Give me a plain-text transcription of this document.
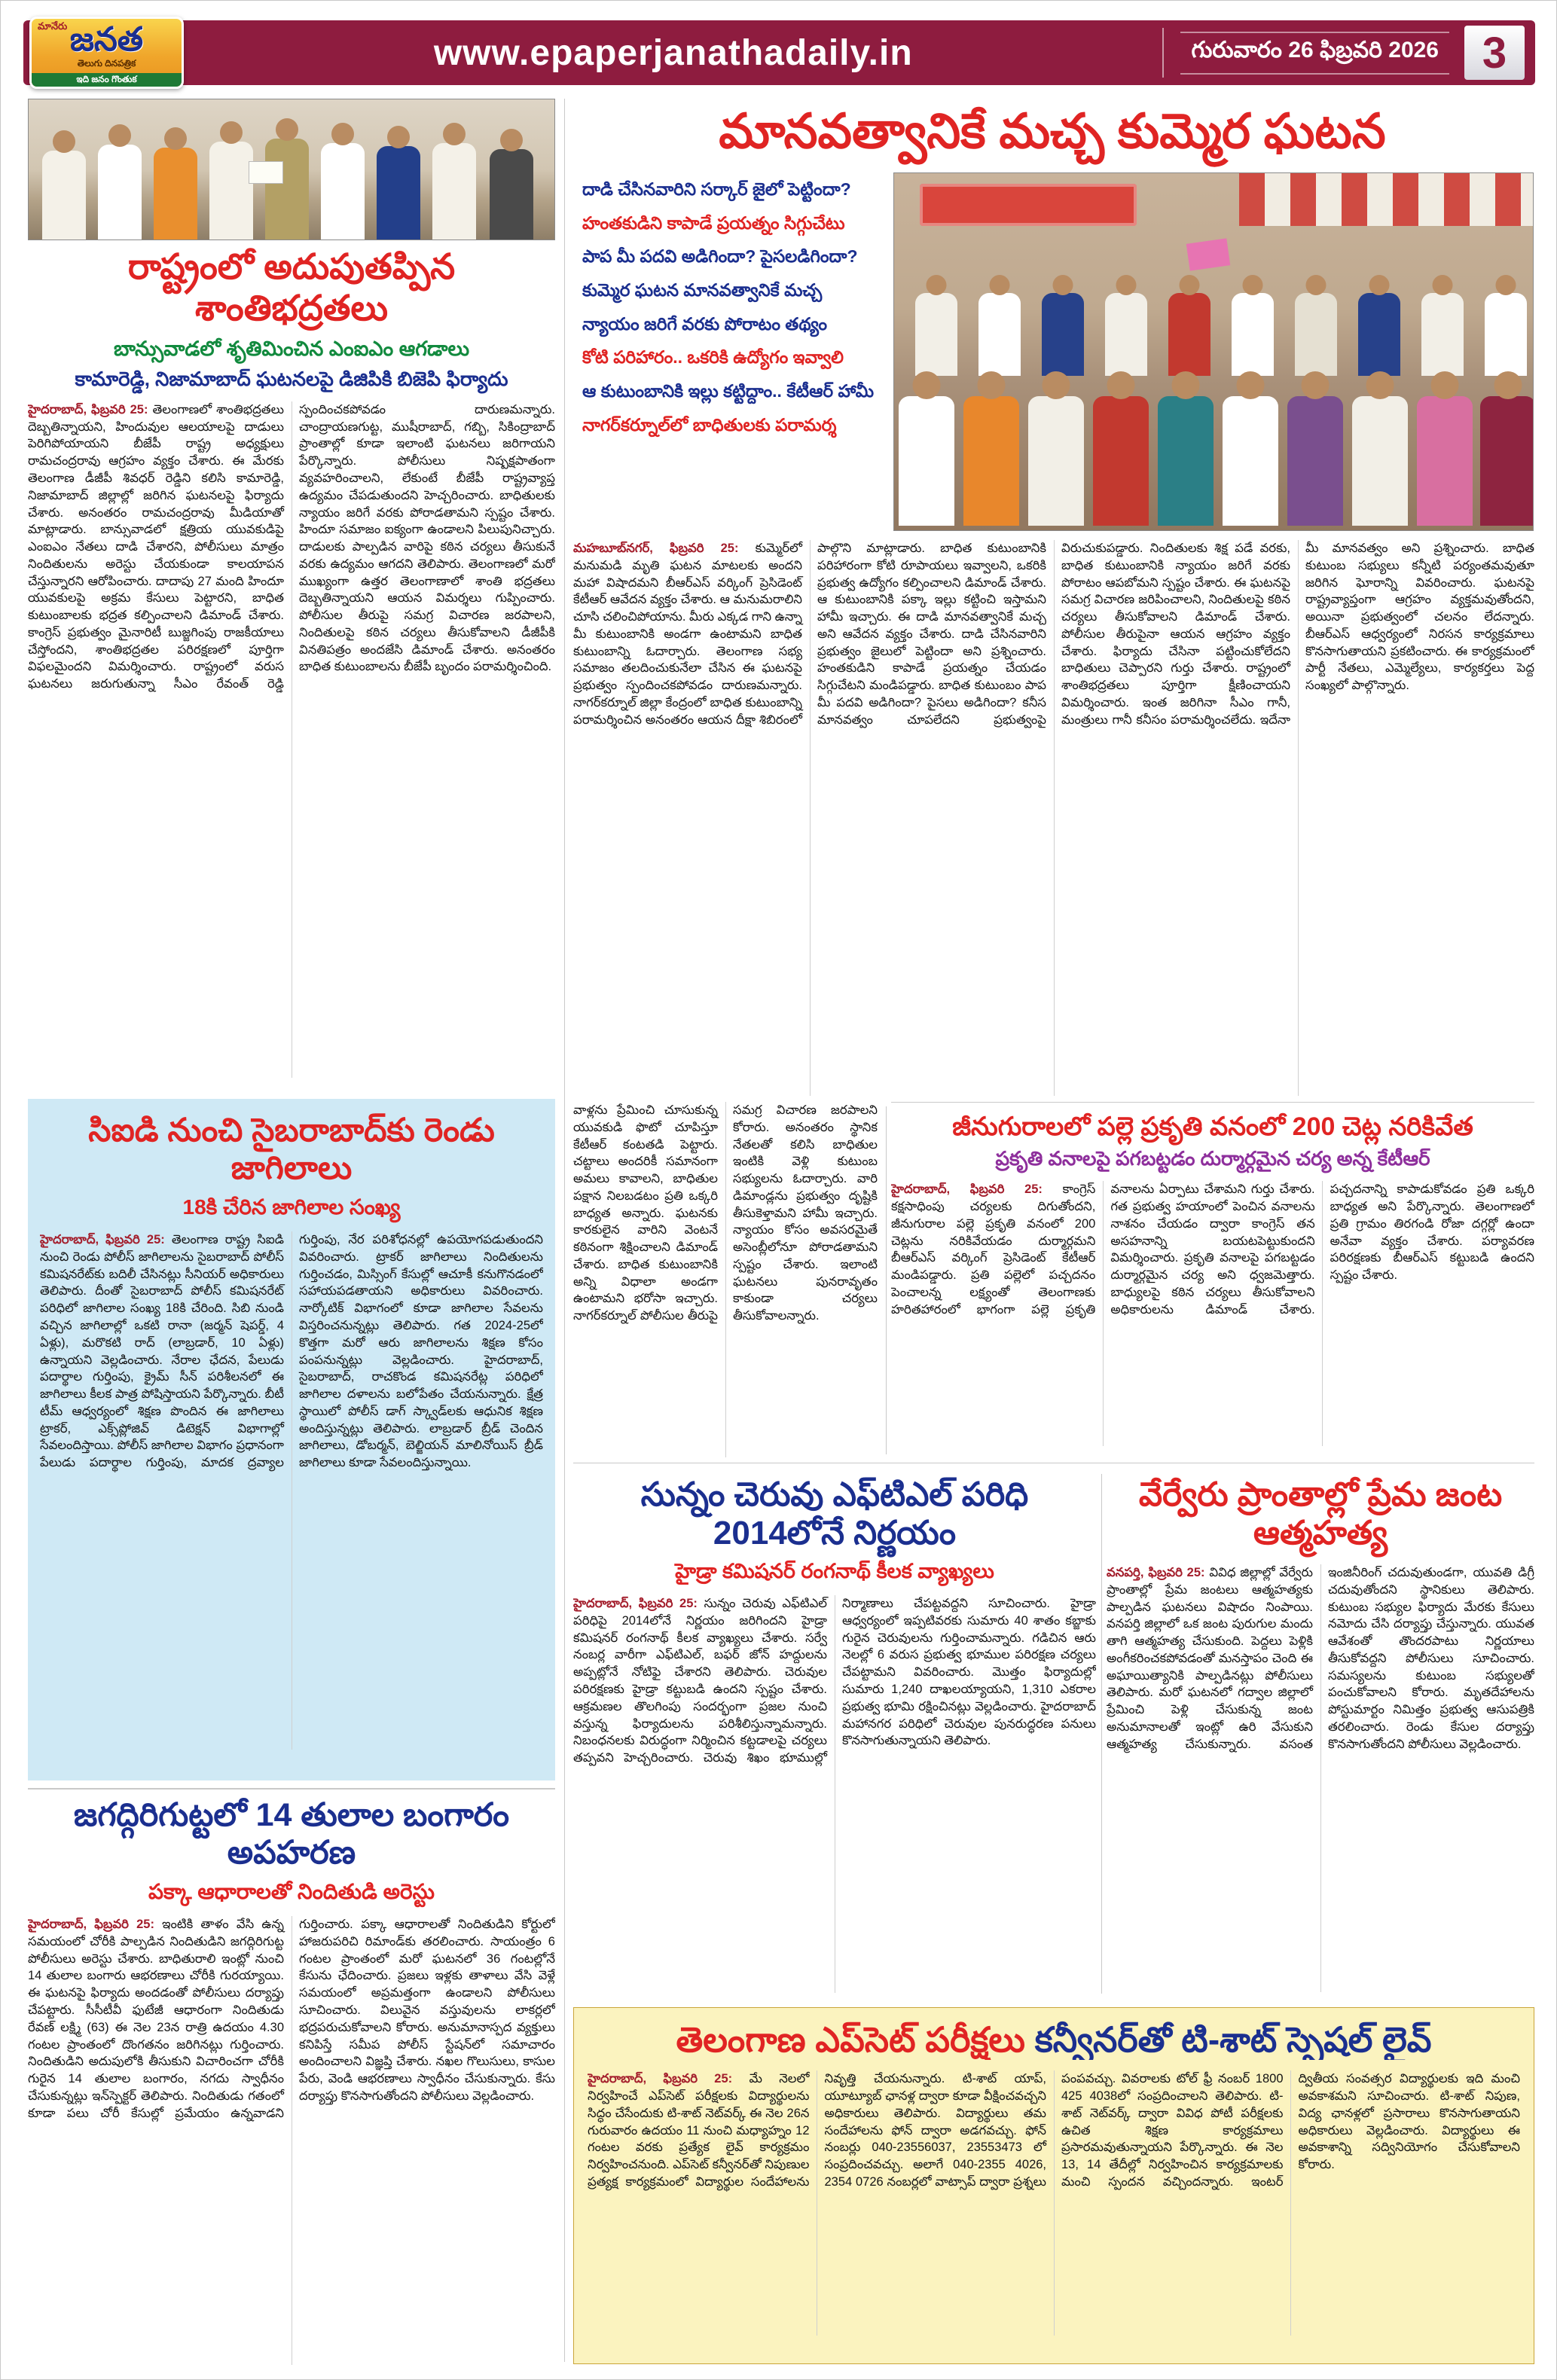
మానేరు జనత
తెలుగు దినపత్రిక
ఇది జనం గొంతుక
www.epaperjanathadaily.in	గురువారం 26 ఫిబ్రవరి 2026 3
రాష్ట్రంలో అదుపుతప్పిన శాంతిభద్రతలు
బాన్సువాడలో శృతిమించిన ఎంఐఎం ఆగడాలు
కామారెడ్డి, నిజామాబాద్ ఘటనలపై డిజిపికి బిజెపి ఫిర్యాదు
హైదరాబాద్, ఫిబ్రవరి 25: తెలంగాణలో శాంతిభద్రతలు దెబ్బతిన్నాయని, హిందువుల ఆలయాలపై దాడులు పెరిగిపోయాయని బీజేపీ రాష్ట్ర అధ్యక్షులు రామచంద్రరావు ఆగ్రహం వ్యక్తం చేశారు. ఈ మేరకు తెలంగాణ డీజీపీ శివధర్ రెడ్డిని కలిసి కామారెడ్డి, నిజామాబాద్ జిల్లాల్లో జరిగిన ఘటనలపై ఫిర్యాదు చేశారు. అనంతరం రామచంద్రరావు మీడియాతో మాట్లాడారు. బాన్సువాడలో క్షత్రియ యువకుడిపై ఎంఐఎం నేతలు దాడి చేశారని, పోలీసులు మాత్రం నిందితులను అరెస్టు చేయకుండా కాలయాపన చేస్తున్నారని ఆరోపించారు. దాదాపు 27 మంది హిందూ యువకులపై అక్రమ కేసులు పెట్టారని, బాధిత కుటుంబాలకు భద్రత కల్పించాలని డిమాండ్ చేశారు. కాంగ్రెస్ ప్రభుత్వం మైనారిటీ బుజ్జగింపు రాజకీయాలు చేస్తోందని, శాంతిభద్రతల పరిరక్షణలో పూర్తిగా విఫలమైందని విమర్శించారు. రాష్ట్రంలో వరుస ఘటనలు జరుగుతున్నా సీఎం రేవంత్ రెడ్డి స్పందించకపోవడం దారుణమన్నారు. చాంద్రాయణగుట్ట, ముషీరాబాద్, గబ్బి, సికింద్రాబాద్ ప్రాంతాల్లో కూడా ఇలాంటి ఘటనలు జరిగాయని పేర్కొన్నారు. పోలీసులు నిష్పక్షపాతంగా వ్యవహరించాలని, లేకుంటే బీజేపీ రాష్ట్రవ్యాప్త ఉద్యమం చేపడుతుందని హెచ్చరించారు. బాధితులకు న్యాయం జరిగే వరకు పోరాడతామని స్పష్టం చేశారు. హిందూ సమాజం ఐక్యంగా ఉండాలని పిలుపునిచ్చారు. దాడులకు పాల్పడిన వారిపై కఠిన చర్యలు తీసుకునే వరకు ఉద్యమం ఆగదని తెలిపారు. తెలంగాణలో మరో ముఖ్యంగా ఉత్తర తెలంగాణాలో శాంతి భద్రతలు దెబ్బతిన్నాయని ఆయన విమర్శలు గుప్పించారు. పోలీసుల తీరుపై సమగ్ర విచారణ జరపాలని, నిందితులపై కఠిన చర్యలు తీసుకోవాలని డీజీపీకి వినతిపత్రం అందజేసి డిమాండ్ చేశారు. అనంతరం బాధిత కుటుంబాలను బీజేపీ బృందం పరామర్శించింది.
సిఐడి నుంచి సైబరాబాద్‌కు రెండు జాగిలాలు
18కి చేరిన జాగిలాల సంఖ్య
హైదరాబాద్, ఫిబ్రవరి 25: తెలంగాణ రాష్ట్ర సిఐడి నుంచి రెండు పోలీస్ జాగిలాలను సైబరాబాద్ పోలీస్ కమిషనరేట్‌కు బదిలీ చేసినట్లు సీనియర్ అధికారులు తెలిపారు. దీంతో సైబరాబాద్ పోలీస్ కమిషనరేట్ పరిధిలో జాగిలాల సంఖ్య 18కి చేరింది. సిబి నుండి వచ్చిన జాగిలాల్లో ఒకటి రానా (జర్మన్ షెపర్డ్, 4 ఏళ్లు), మరొకటి రాద్ (లాబ్రడార్, 10 ఏళ్లు) ఉన్నాయని వెల్లడించారు. నేరాల ఛేదన, పేలుడు పదార్థాల గుర్తింపు, క్రైమ్ సీన్ పరిశీలనలో ఈ జాగిలాలు కీలక పాత్ర పోషిస్తాయని పేర్కొన్నారు. బీటీ టీమ్ ఆధ్వర్యంలో శిక్షణ పొందిన ఈ జాగిలాలు ట్రాకర్, ఎక్స్‌ప్లోజివ్ డిటెక్షన్ విభాగాల్లో సేవలందిస్తాయి. పోలీస్ జాగిలాల విభాగం ప్రధానంగా పేలుడు పదార్థాల గుర్తింపు, మాదక ద్రవ్యాల గుర్తింపు, నేర పరిశోధనల్లో ఉపయోగపడుతుందని వివరించారు. ట్రాకర్ జాగిలాలు నిందితులను గుర్తించడం, మిస్సింగ్ కేసుల్లో ఆచూకీ కనుగొనడంలో సహాయపడతాయని అధికారులు వివరించారు. నార్కోటిక్ విభాగంలో కూడా జాగిలాల సేవలను విస్తరించనున్నట్లు తెలిపారు. గత 2024-25లో కొత్తగా మరో ఆరు జాగిలాలను శిక్షణ కోసం పంపనున్నట్లు వెల్లడించారు. హైదరాబాద్, సైబరాబాద్, రాచకొండ కమిషనరేట్ల పరిధిలో జాగిలాల దళాలను బలోపేతం చేయనున్నారు. క్షేత్ర స్థాయిలో పోలీస్ డాగ్ స్క్వాడ్‌లకు ఆధునిక శిక్షణ అందిస్తున్నట్లు తెలిపారు. లాబ్రడార్ బ్రీడ్ చెందిన జాగిలాలు, డోబర్మన్, బెల్జియన్ మాలినోయిస్ బ్రీడ్ జాగిలాలు కూడా సేవలందిస్తున్నాయి.
జగద్గిరిగుట్టలో 14 తులాల బంగారం అపహరణ
పక్కా ఆధారాలతో నిందితుడి అరెస్టు
హైదరాబాద్, ఫిబ్రవరి 25: ఇంటికి తాళం వేసి ఉన్న సమయంలో చోరీకి పాల్పడిన నిందితుడిని జగద్గిరిగుట్ట పోలీసులు అరెస్టు చేశారు. బాధితురాలి ఇంట్లో నుంచి 14 తులాల బంగారు ఆభరణాలు చోరీకి గురయ్యాయి. ఈ ఘటనపై ఫిర్యాదు అందడంతో పోలీసులు దర్యాప్తు చేపట్టారు. సీసీటీవీ ఫుటేజీ ఆధారంగా నిందితుడు రేవణ్ లక్ష్మి (63) ఈ నెల 23న రాత్రి ఉదయం 4.30 గంటల ప్రాంతంలో దొంగతనం జరిగినట్లు గుర్తించారు. నిందితుడిని అదుపులోకి తీసుకుని విచారించగా చోరీకి గురైన 14 తులాల బంగారం, నగదు స్వాధీనం చేసుకున్నట్లు ఇన్‌స్పెక్టర్ తెలిపారు. నిందితుడు గతంలో కూడా పలు చోరీ కేసుల్లో ప్రమేయం ఉన్నవాడని గుర్తించారు. పక్కా ఆధారాలతో నిందితుడిని కోర్టులో హాజరుపరిచి రిమాండ్‌కు తరలించారు. సాయంత్రం 6 గంటల ప్రాంతంలో మరో ఘటనలో 36 గంటల్లోనే కేసును ఛేదించారు. ప్రజలు ఇళ్లకు తాళాలు వేసి వెళ్లే సమయంలో అప్రమత్తంగా ఉండాలని పోలీసులు సూచించారు. విలువైన వస్తువులను లాకర్లలో భద్రపరుచుకోవాలని కోరారు. అనుమానాస్పద వ్యక్తులు కనిపిస్తే సమీప పోలీస్ స్టేషన్‌లో సమాచారం అందించాలని విజ్ఞప్తి చేశారు. నఖల గొలుసులు, కాసుల పేరు, వెండి ఆభరణాలు స్వాధీనం చేసుకున్నారు. కేసు దర్యాప్తు కొనసాగుతోందని పోలీసులు వెల్లడించారు.
మానవత్వానికే మచ్చ కుమ్మెర ఘటన
దాడి చేసినవారిని సర్కార్ జైలో పెట్టిందా?
హంతకుడిని కాపాడే ప్రయత్నం సిగ్గుచేటు
పాప మీ పదవి అడిగిందా? పైసలడిగిందా?
కుమ్మెర ఘటన మానవత్వానికే మచ్చ
న్యాయం జరిగే వరకు పోరాటం తథ్యం
కోటి పరిహారం.. ఒకరికి ఉద్యోగం ఇవ్వాలి
ఆ కుటుంబానికి ఇల్లు కట్టిద్దాం.. కేటీఆర్ హామీ
నాగర్‌కర్నూల్‌లో బాధితులకు పరామర్శ
మహబూబ్‌నగర్, ఫిబ్రవరి 25: కుమ్మెర్‌లో మనుమడి మృతి ఘటన మాటలకు అందని మహా విషాదమని బీఆర్ఎస్ వర్కింగ్ ప్రెసిడెంట్ కేటీఆర్ ఆవేదన వ్యక్తం చేశారు. ఆ మనుమరాలిని చూసి చలించిపోయాను. మీరు ఎక్కడ గాని ఉన్నా మీ కుటుంబానికి అండగా ఉంటామని బాధిత కుటుంబాన్ని ఓదార్చారు. తెలంగాణ సభ్య సమాజం తలదించుకునేలా చేసిన ఈ ఘటనపై ప్రభుత్వం స్పందించకపోవడం దారుణమన్నారు. నాగర్‌కర్నూల్ జిల్లా కేంద్రంలో బాధిత కుటుంబాన్ని పరామర్శించిన అనంతరం ఆయన దీక్షా శిబిరంలో పాల్గొని మాట్లాడారు. బాధిత కుటుంబానికి పరిహారంగా కోటి రూపాయలు ఇవ్వాలని, ఒకరికి ప్రభుత్వ ఉద్యోగం కల్పించాలని డిమాండ్ చేశారు. ఆ కుటుంబానికి పక్కా ఇల్లు కట్టించి ఇస్తామని హామీ ఇచ్చారు. ఈ దాడి మానవత్వానికే మచ్చ అని ఆవేదన వ్యక్తం చేశారు. దాడి చేసినవారిని ప్రభుత్వం జైలులో పెట్టిందా అని ప్రశ్నించారు. హంతకుడిని కాపాడే ప్రయత్నం చేయడం సిగ్గుచేటని మండిపడ్డారు. బాధిత కుటుంబం పాప మీ పదవి అడిగిందా? పైసలు అడిగిందా? కనీస మానవత్వం చూపలేదని ప్రభుత్వంపై విరుచుకుపడ్డారు. నిందితులకు శిక్ష పడే వరకు, బాధిత కుటుంబానికి న్యాయం జరిగే వరకు పోరాటం ఆపబోమని స్పష్టం చేశారు. ఈ ఘటనపై సమగ్ర విచారణ జరిపించాలని, నిందితులపై కఠిన చర్యలు తీసుకోవాలని డిమాండ్ చేశారు. పోలీసుల తీరుపైనా ఆయన ఆగ్రహం వ్యక్తం చేశారు. ఫిర్యాదు చేసినా పట్టించుకోలేదని బాధితులు చెప్పారని గుర్తు చేశారు. రాష్ట్రంలో శాంతిభద్రతలు పూర్తిగా క్షీణించాయని విమర్శించారు. ఇంత జరిగినా సీఎం గానీ, మంత్రులు గానీ కనీసం పరామర్శించలేదు. ఇదేనా మీ మానవత్వం అని ప్రశ్నించారు. బాధిత కుటుంబ సభ్యులు కన్నీటి పర్యంతమవుతూ జరిగిన ఘోరాన్ని వివరించారు. ఘటనపై రాష్ట్రవ్యాప్తంగా ఆగ్రహం వ్యక్తమవుతోందని, అయినా ప్రభుత్వంలో చలనం లేదన్నారు. బీఆర్ఎస్ ఆధ్వర్యంలో నిరసన కార్యక్రమాలు కొనసాగుతాయని ప్రకటించారు. ఈ కార్యక్రమంలో పార్టీ నేతలు, ఎమ్మెల్యేలు, కార్యకర్తలు పెద్ద సంఖ్యలో పాల్గొన్నారు.
వాళ్లను ప్రేమించి చూసుకున్న యువకుడి ఫొటో చూపిస్తూ కేటీఆర్ కంటతడి పెట్టారు. చట్టాలు అందరికీ సమానంగా అమలు కావాలని, బాధితుల పక్షాన నిలబడటం ప్రతి ఒక్కరి బాధ్యత అన్నారు. ఘటనకు కారకులైన వారిని వెంటనే కఠినంగా శిక్షించాలని డిమాండ్ చేశారు. బాధిత కుటుంబానికి అన్ని విధాలా అండగా ఉంటామని భరోసా ఇచ్చారు. నాగర్‌కర్నూల్ పోలీసుల తీరుపై సమగ్ర విచారణ జరపాలని కోరారు. అనంతరం స్థానిక నేతలతో కలిసి బాధితుల ఇంటికి వెళ్లి కుటుంబ సభ్యులను ఓదార్చారు. వారి డిమాండ్లను ప్రభుత్వం దృష్టికి తీసుకెళ్తామని హామీ ఇచ్చారు. న్యాయం కోసం అవసరమైతే అసెంబ్లీలోనూ పోరాడతామని స్పష్టం చేశారు. ఇలాంటి ఘటనలు పునరావృతం కాకుండా చర్యలు తీసుకోవాలన్నారు.
జీనుగురాలలో పల్లె ప్రకృతి వనంలో 200 చెట్ల నరికివేత
ప్రకృతి వనాలపై పగబట్టడం దుర్మార్గమైన చర్య అన్న కేటీఆర్
హైదరాబాద్, ఫిబ్రవరి 25: కాంగ్రెస్ కక్షసాధింపు చర్యలకు దిగుతోందని, జీనుగురాల పల్లె ప్రకృతి వనంలో 200 చెట్లను నరికివేయడం దుర్మార్గమని బీఆర్ఎస్ వర్కింగ్ ప్రెసిడెంట్ కేటీఆర్ మండిపడ్డారు. ప్రతి పల్లెలో పచ్చదనం పెంచాలన్న లక్ష్యంతో తెలంగాణకు హరితహారంలో భాగంగా పల్లె ప్రకృతి వనాలను ఏర్పాటు చేశామని గుర్తు చేశారు. గత ప్రభుత్వ హయాంలో పెంచిన వనాలను నాశనం చేయడం ద్వారా కాంగ్రెస్ తన అసహనాన్ని బయటపెట్టుకుందని విమర్శించారు. ప్రకృతి వనాలపై పగబట్టడం దుర్మార్గమైన చర్య అని ధ్వజమెత్తారు. బాధ్యులపై కఠిన చర్యలు తీసుకోవాలని అధికారులను డిమాండ్ చేశారు. పచ్చదనాన్ని కాపాడుకోవడం ప్రతి ఒక్కరి బాధ్యత అని పేర్కొన్నారు. తెలంగాణలో ప్రతి గ్రామం తిరగండి రోజా దగ్గర్లో ఉందా అనేవా వ్యక్తం చేశారు. పర్యావరణ పరిరక్షణకు బీఆర్ఎస్ కట్టుబడి ఉందని స్పష్టం చేశారు.
సున్నం చెరువు ఎఫ్‌టిఎల్ పరిధి 2014లోనే నిర్ణయం
హైడ్రా కమిషనర్ రంగనాథ్ కీలక వ్యాఖ్యలు
హైదరాబాద్, ఫిబ్రవరి 25: సున్నం చెరువు ఎఫ్‌టిఎల్ పరిధిపై 2014లోనే నిర్ణయం జరిగిందని హైడ్రా కమిషనర్ రంగనాథ్ కీలక వ్యాఖ్యలు చేశారు. సర్వే నంబర్ల వారీగా ఎఫ్‌టిఎల్, బఫర్ జోన్ హద్దులను అప్పట్లోనే నోటిఫై చేశారని తెలిపారు. చెరువుల పరిరక్షణకు హైడ్రా కట్టుబడి ఉందని స్పష్టం చేశారు. ఆక్రమణల తొలగింపు సందర్భంగా ప్రజల నుంచి వస్తున్న ఫిర్యాదులను పరిశీలిస్తున్నామన్నారు. నిబంధనలకు విరుద్ధంగా నిర్మించిన కట్టడాలపై చర్యలు తప్పవని హెచ్చరించారు. చెరువు శిఖం భూముల్లో నిర్మాణాలు చేపట్టవద్దని సూచించారు. హైడ్రా ఆధ్వర్యంలో ఇప్పటివరకు సుమారు 40 శాతం కబ్జాకు గురైన చెరువులను గుర్తించామన్నారు. గడిచిన ఆరు నెలల్లో 6 వరుస ప్రభుత్వ భూముల పరిరక్షణ చర్యలు చేపట్టామని వివరించారు. మొత్తం ఫిర్యాదుల్లో సుమారు 1,240 దాఖలయ్యాయని, 1,310 ఎకరాల ప్రభుత్వ భూమి రక్షించినట్లు వెల్లడించారు. హైదరాబాద్ మహానగర పరిధిలో చెరువుల పునరుద్ధరణ పనులు కొనసాగుతున్నాయని తెలిపారు.
వేర్వేరు ప్రాంతాల్లో ప్రేమ జంట ఆత్మహత్య
వనపర్తి, ఫిబ్రవరి 25: వివిధ జిల్లాల్లో వేర్వేరు ప్రాంతాల్లో ప్రేమ జంటలు ఆత్మహత్యకు పాల్పడిన ఘటనలు విషాదం నింపాయి. వనపర్తి జిల్లాలో ఒక జంట పురుగుల మందు తాగి ఆత్మహత్య చేసుకుంది. పెద్దలు పెళ్లికి అంగీకరించకపోవడంతో మనస్తాపం చెంది ఈ అఘాయిత్యానికి పాల్పడినట్లు పోలీసులు తెలిపారు. మరో ఘటనలో గద్వాల జిల్లాలో ప్రేమించి పెళ్లి చేసుకున్న జంట అనుమానాలతో ఇంట్లో ఉరి వేసుకుని ఆత్మహత్య చేసుకున్నారు. వసంత ఇంజినీరింగ్ చదువుతుండగా, యువతి డిగ్రీ చదువుతోందని స్థానికులు తెలిపారు. కుటుంబ సభ్యుల ఫిర్యాదు మేరకు కేసులు నమోదు చేసి దర్యాప్తు చేస్తున్నారు. యువత ఆవేశంతో తొందరపాటు నిర్ణయాలు తీసుకోవద్దని పోలీసులు సూచించారు. సమస్యలను కుటుంబ సభ్యులతో పంచుకోవాలని కోరారు. మృతదేహాలను పోస్టుమార్టం నిమిత్తం ప్రభుత్వ ఆసుపత్రికి తరలించారు. రెండు కేసుల దర్యాప్తు కొనసాగుతోందని పోలీసులు వెల్లడించారు.
తెలంగాణ ఎప్‌సెట్ పరీక్షలు కన్వీనర్‌తో టి-శాట్ స్పెషల్ లైవ్
హైదరాబాద్, ఫిబ్రవరి 25: మే నెలలో నిర్వహించే ఎప్‌సెట్ పరీక్షలకు విద్యార్థులను సిద్ధం చేసేందుకు టి-శాట్ నెట్‌వర్క్ ఈ నెల 26న గురువారం ఉదయం 11 నుంచి మధ్యాహ్నం 12 గంటల వరకు ప్రత్యేక లైవ్ కార్యక్రమం నిర్వహించనుంది. ఎప్‌సెట్ కన్వీనర్‌తో నిపుణుల ప్రత్యక్ష కార్యక్రమంలో విద్యార్థుల సందేహాలను నివృత్తి చేయనున్నారు. టి-శాట్ యాప్, యూట్యూబ్ ఛానళ్ల ద్వారా కూడా వీక్షించవచ్చని అధికారులు తెలిపారు. విద్యార్థులు తమ సందేహాలను ఫోన్ ద్వారా అడగవచ్చు. ఫోన్ నంబర్లు 040-23556037, 23553473 లో సంప్రదించవచ్చు. అలాగే 040-2355 4026, 2354 0726 నంబర్లలో వాట్సాప్ ద్వారా ప్రశ్నలు పంపవచ్చు. వివరాలకు టోల్ ఫ్రీ నంబర్ 1800 425 4038లో సంప్రదించాలని తెలిపారు. టి-శాట్ నెట్‌వర్క్ ద్వారా వివిధ పోటీ పరీక్షలకు ఉచిత శిక్షణ కార్యక్రమాలు ప్రసారమవుతున్నాయని పేర్కొన్నారు. ఈ నెల 13, 14 తేదీల్లో నిర్వహించిన కార్యక్రమాలకు మంచి స్పందన వచ్చిందన్నారు. ఇంటర్ ద్వితీయ సంవత్సర విద్యార్థులకు ఇది మంచి అవకాశమని సూచించారు. టి-శాట్ నిపుణ, విద్య ఛానళ్లలో ప్రసారాలు కొనసాగుతాయని అధికారులు వెల్లడించారు. విద్యార్థులు ఈ అవకాశాన్ని సద్వినియోగం చేసుకోవాలని కోరారు.
